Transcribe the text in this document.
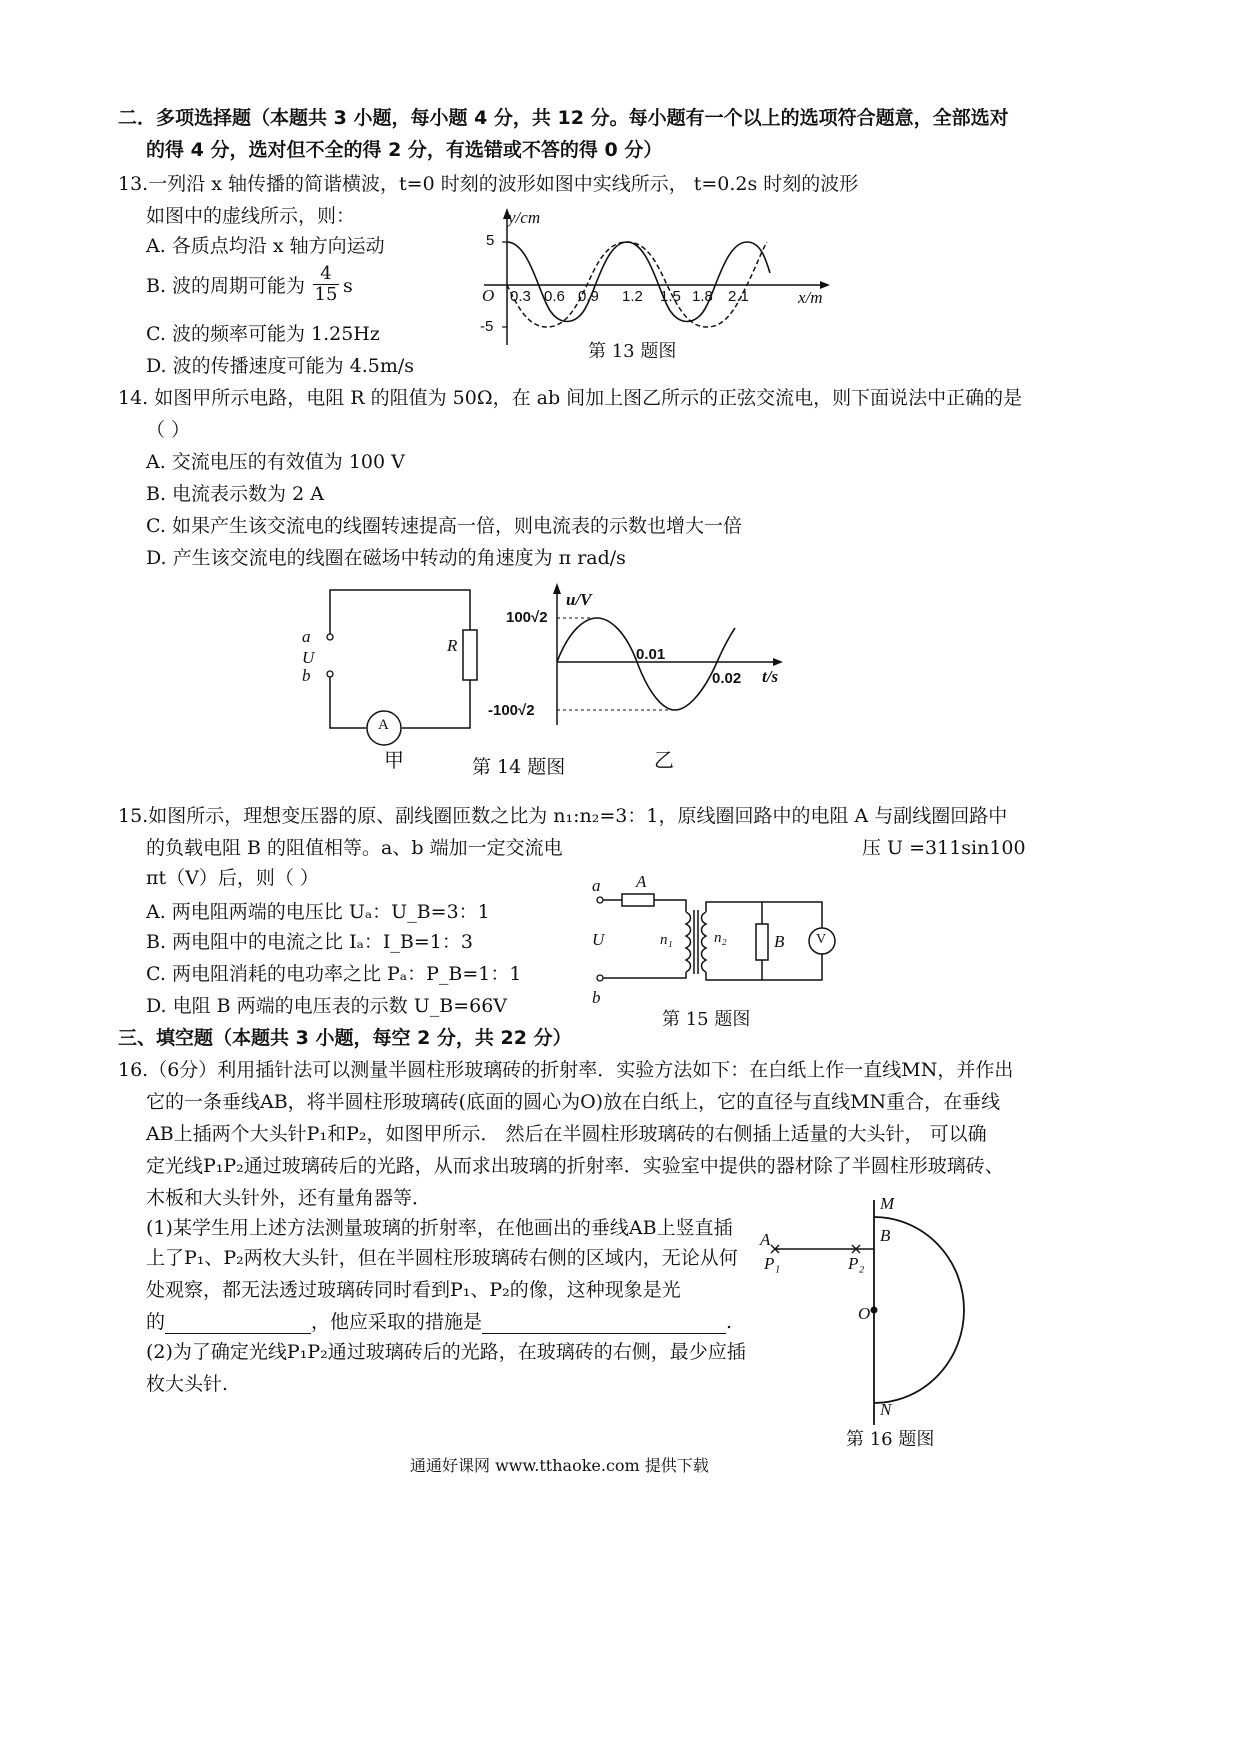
二．多项选择题（本题共 3 小题，每小题 4 分，共 12 分。每小题有一个以上的选项符合题意，全部选对
的得 4 分，选对但不全的得 2 分，有选错或不答的得 0 分）
13.一列沿 x 轴传播的简谐横波，t=0 时刻的波形如图中实线所示， t=0.2s 时刻的波形
如图中的虚线所示，则：
A. 各质点均沿 x 轴方向运动
B. 波的周期可能为 $\frac{4}{15}$ s
C. 波的频率可能为 1.25Hz
D. 波的传播速度可能为 4.5m/s
y/cm
x/m
5
-5
O 0.3 0.6 0.9 1.2 1.5 1.8 2.1
第 13 题图
14. 如图甲所示电路，电阻 R 的阻值为 50Ω，在 ab 间加上图乙所示的正弦交流电，则下面说法中正确的是
（ ）
A. 交流电压的有效值为 100 V
B. 电流表示数为 2 A
C. 如果产生该交流电的线圈转速提高一倍，则电流表的示数也增大一倍
D. 产生该交流电的线圈在磁场中转动的角速度为 π rad/s
a
U
b
R
A
甲
u/V
t/s
100√2
-100√2
0.01
0.02
乙
第 14 题图
15.如图所示，理想变压器的原、副线圈匝数之比为 n₁:n₂=3：1，原线圈回路中的电阻 A 与副线圈回路中
的负载电阻 B 的阻值相等。a、b 端加一定交流电	压 U =311sin100
πt（V）后，则（ ）
A. 两电阻两端的电压比 Uₐ：U_B=3：1
B. 两电阻中的电流之比 Iₐ：I_B=1：3
C. 两电阻消耗的电功率之比 Pₐ：P_B=1：1
D. 电阻 B 两端的电压表的示数 U_B=66V
a A
U	n₁	n₂	B V
b
第 15 题图
三、填空题（本题共 3 小题，每空 2 分，共 22 分）
16.（6分）利用插针法可以测量半圆柱形玻璃砖的折射率．实验方法如下：在白纸上作一直线MN，并作出
它的一条垂线AB，将半圆柱形玻璃砖(底面的圆心为O)放在白纸上，它的直径与直线MN重合，在垂线
AB上插两个大头针P₁和P₂，如图甲所示． 然后在半圆柱形玻璃砖的右侧插上适量的大头针， 可以确
定光线P₁P₂通过玻璃砖后的光路，从而求出玻璃的折射率．实验室中提供的器材除了半圆柱形玻璃砖、
木板和大头针外，还有量角器等．
(1)某学生用上述方法测量玻璃的折射率，在他画出的垂线AB上竖直插
上了P₁、P₂两枚大头针，但在半圆柱形玻璃砖右侧的区域内，无论从何
处观察，都无法透过玻璃砖同时看到P₁、P₂的像，这种现象是光
的	，他应采取的措施是	.
(2)为了确定光线P₁P₂通过玻璃砖后的光路，在玻璃砖的右侧，最少应插
枚大头针.
M
A	B
P₁	P₂
O
N
第 16 题图
通通好课网 www.tthaoke.com 提供下载
